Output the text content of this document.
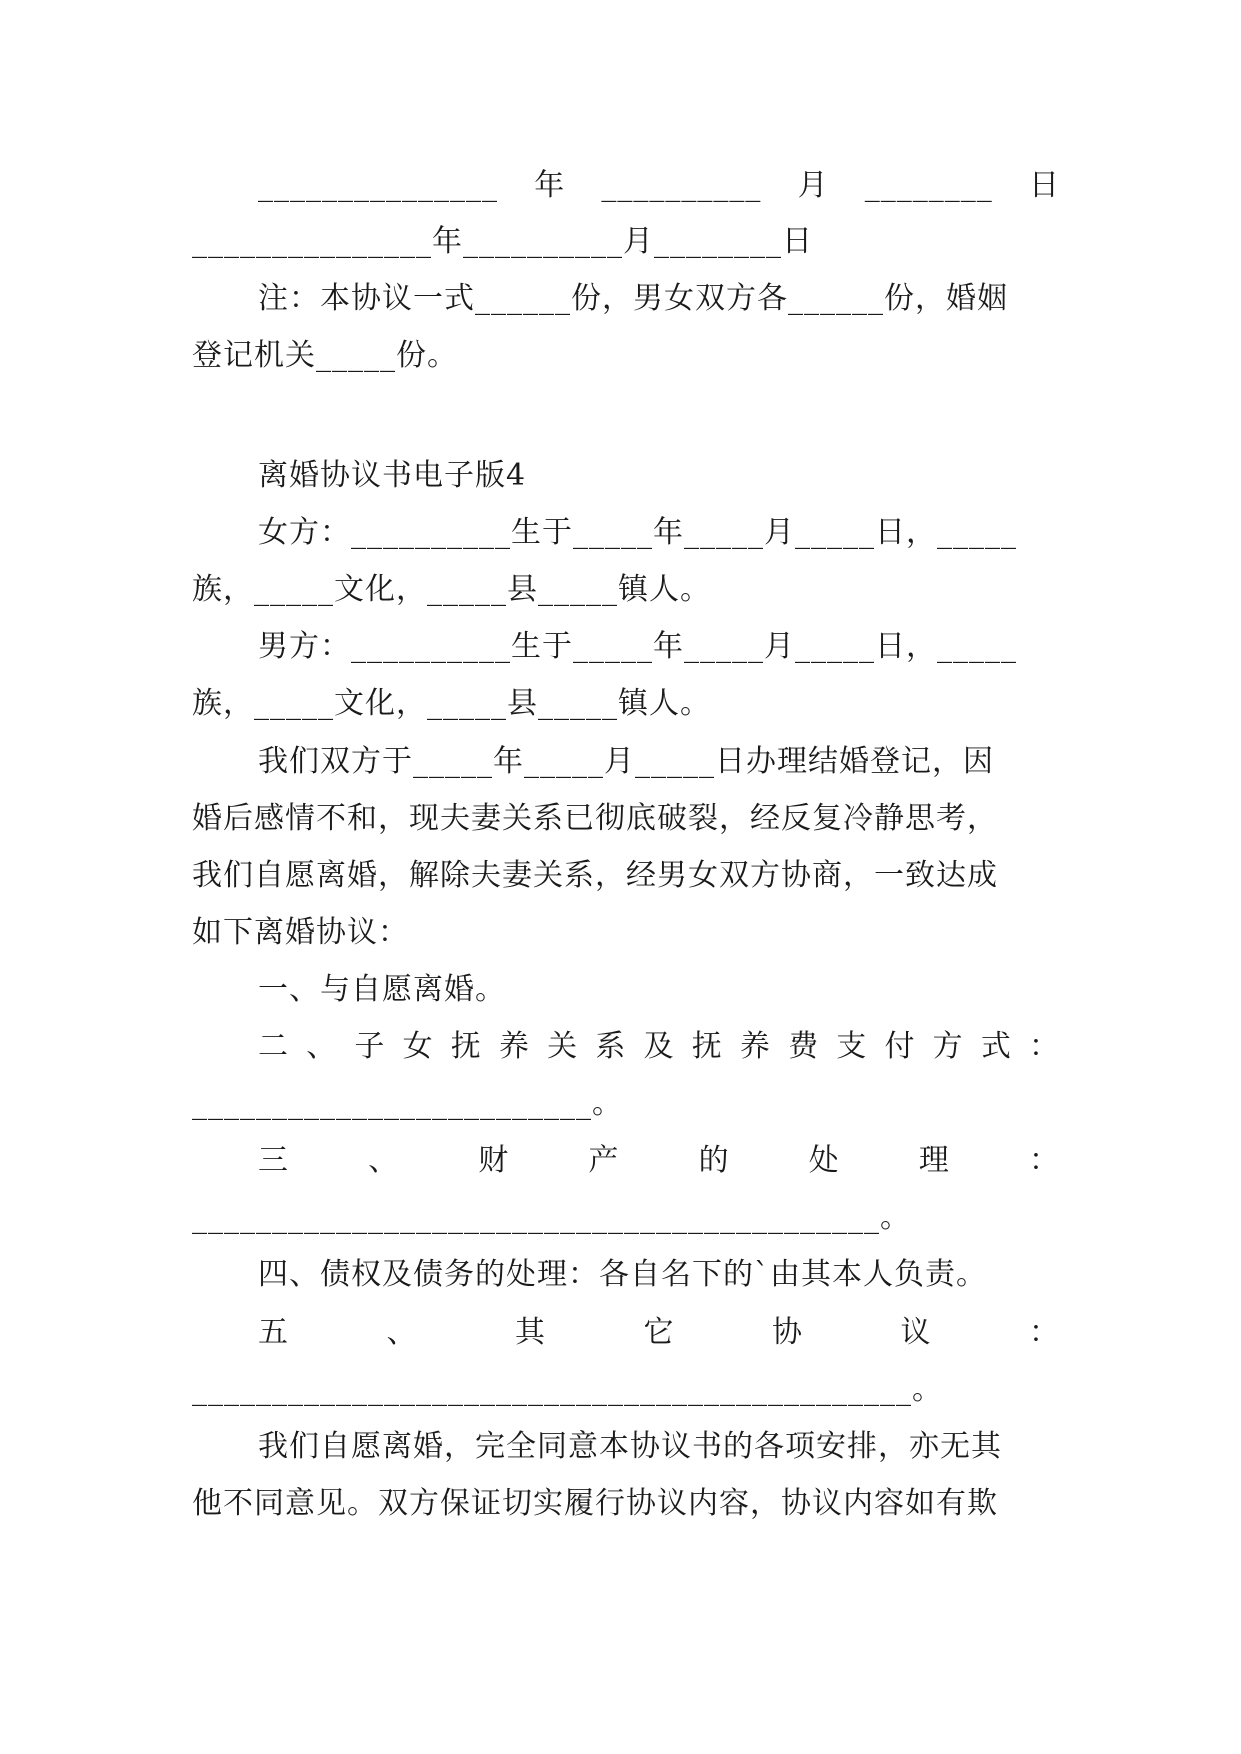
_______________ 年 __________ 月 ________ 日
_______________年__________月________日
注：本协议一式______份，男女双方各______份，婚姻
登记机关_____份。
离婚协议书电子版4
女方：__________生于_____年_____月_____日，_____
族，_____文化，_____县_____镇人。
男方：__________生于_____年_____月_____日，_____
族，_____文化，_____县_____镇人。
我们双方于_____年_____月_____日办理结婚登记，因
婚后感情不和，现夫妻关系已彻底破裂，经反复冷静思考，
我们自愿离婚，解除夫妻关系，经男女双方协商，一致达成
如下离婚协议：
一、与自愿离婚。
二 、 子 女 抚 养 关 系 及 抚 养 费 支 付 方 式 ：
_________________________。
三	、	财	产	的	处	理	：
___________________________________________。
四、债权及债务的处理：各自名下的`由其本人负责。
五	、	其	它	协	议	：
_____________________________________________。
我们自愿离婚，完全同意本协议书的各项安排，亦无其
他不同意见。双方保证切实履行协议内容，协议内容如有欺
